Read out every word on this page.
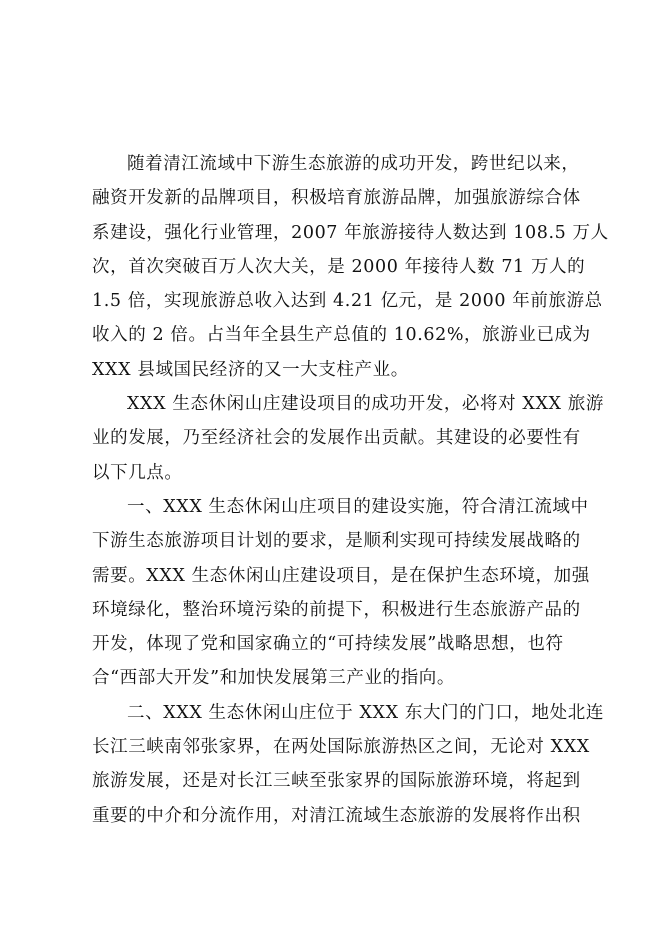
随着清江流域中下游生态旅游的成功开发，跨世纪以来，
融资开发新的品牌项目，积极培育旅游品牌，加强旅游综合体
系建设，强化行业管理，2007 年旅游接待人数达到 108.5 万人
次，首次突破百万人次大关，是 2000 年接待人数 71 万人的
1.5 倍，实现旅游总收入达到 4.21 亿元，是 2000 年前旅游总
收入的 2 倍。占当年全县生产总值的 10.62%，旅游业已成为
XXX 县域国民经济的又一大支柱产业。
XXX 生态休闲山庄建设项目的成功开发，必将对 XXX 旅游
业的发展，乃至经济社会的发展作出贡献。其建设的必要性有
以下几点。
一、XXX 生态休闲山庄项目的建设实施，符合清江流域中
下游生态旅游项目计划的要求，是顺利实现可持续发展战略的
需要。XXX 生态休闲山庄建设项目，是在保护生态环境，加强
环境绿化，整治环境污染的前提下，积极进行生态旅游产品的
开发，体现了党和国家确立的“可持续发展”战略思想，也符
合“西部大开发”和加快发展第三产业的指向。
二、XXX 生态休闲山庄位于 XXX 东大门的门口，地处北连
长江三峡南邻张家界，在两处国际旅游热区之间，无论对 XXX
旅游发展，还是对长江三峡至张家界的国际旅游环境，将起到
重要的中介和分流作用，对清江流域生态旅游的发展将作出积
